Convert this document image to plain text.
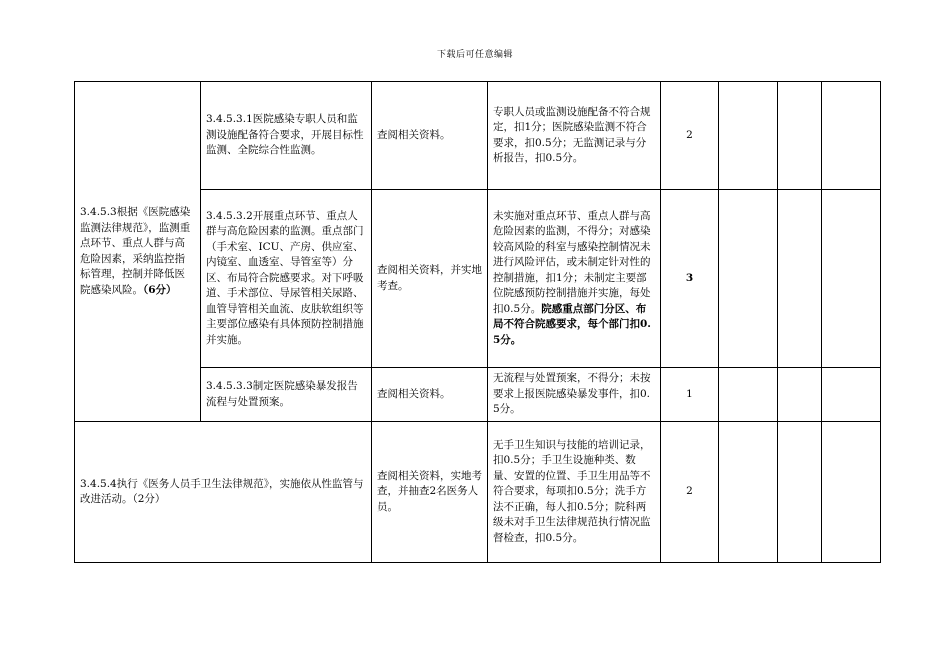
下载后可任意编辑
3.4.5.3根据《医院感染监测法律规范》，监测重点环节、重点人群与高危险因素，采纳监控指标管理，控制并降低医院感染风险。（6分）	3.4.5.3.1医院感染专职人员和监测设施配备符合要求，开展目标性监测、全院综合性监测。	查阅相关资料。	专职人员或监测设施配备不符合规定，扣1分；医院感染监测不符合要求，扣0.5分；无监测记录与分析报告，扣0.5分。	2			
	3.4.5.3.2开展重点环节、重点人群与高危险因素的监测。重点部门（手术室、ICU、产房、供应室、内镜室、血透室、导管室等）分区、布局符合院感要求。对下呼吸道、手术部位、导尿管相关尿路、血管导管相关血流、皮肤软组织等主要部位感染有具体预防控制措施并实施。	查阅相关资料，并实地考查。	未实施对重点环节、重点人群与高危险因素的监测，不得分；对感染较高风险的科室与感染控制情况未进行风险评估，或未制定针对性的控制措施，扣1分；未制定主要部位院感预防控制措施并实施，每处扣0.5分。院感重点部门分区、布局不符合院感要求，每个部门扣0.5分。	3			
	3.4.5.3.3制定医院感染暴发报告流程与处置预案。	查阅相关资料。	无流程与处置预案，不得分；未按要求上报医院感染暴发事件，扣0.5分。	1			
3.4.5.4执行《医务人员手卫生法律规范》，实施依从性监管与改进活动。（2分）		查阅相关资料，实地考查，并抽查2名医务人员。	无手卫生知识与技能的培训记录，扣0.5分；手卫生设施种类、数量、安置的位置、手卫生用品等不符合要求，每项扣0.5分；洗手方法不正确，每人扣0.5分；院科两级未对手卫生法律规范执行情况监督检查，扣0.5分。	2			
